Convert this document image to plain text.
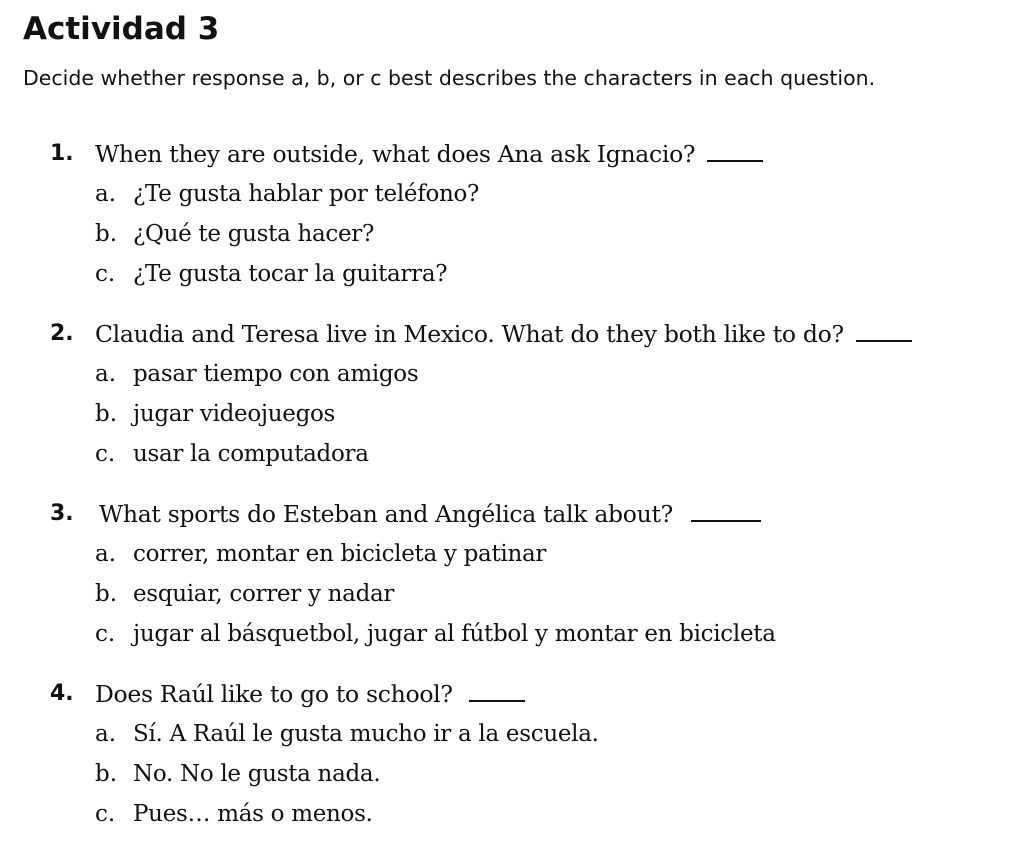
Actividad 3
Decide whether response a, b, or c best describes the characters in each question.
1. When they are outside, what does Ana ask Ignacio?
a. ¿Te gusta hablar por teléfono?
b. ¿Qué te gusta hacer?
c. ¿Te gusta tocar la guitarra?
2. Claudia and Teresa live in Mexico. What do they both like to do?
a. pasar tiempo con amigos
b. jugar videojuegos
c. usar la computadora
3. What sports do Esteban and Angélica talk about?
a. correr, montar en bicicleta y patinar
b. esquiar, correr y nadar
c. jugar al básquetbol, jugar al fútbol y montar en bicicleta
4. Does Raúl like to go to school?
a. Sí. A Raúl le gusta mucho ir a la escuela.
b. No. No le gusta nada.
c. Pues… más o menos.
